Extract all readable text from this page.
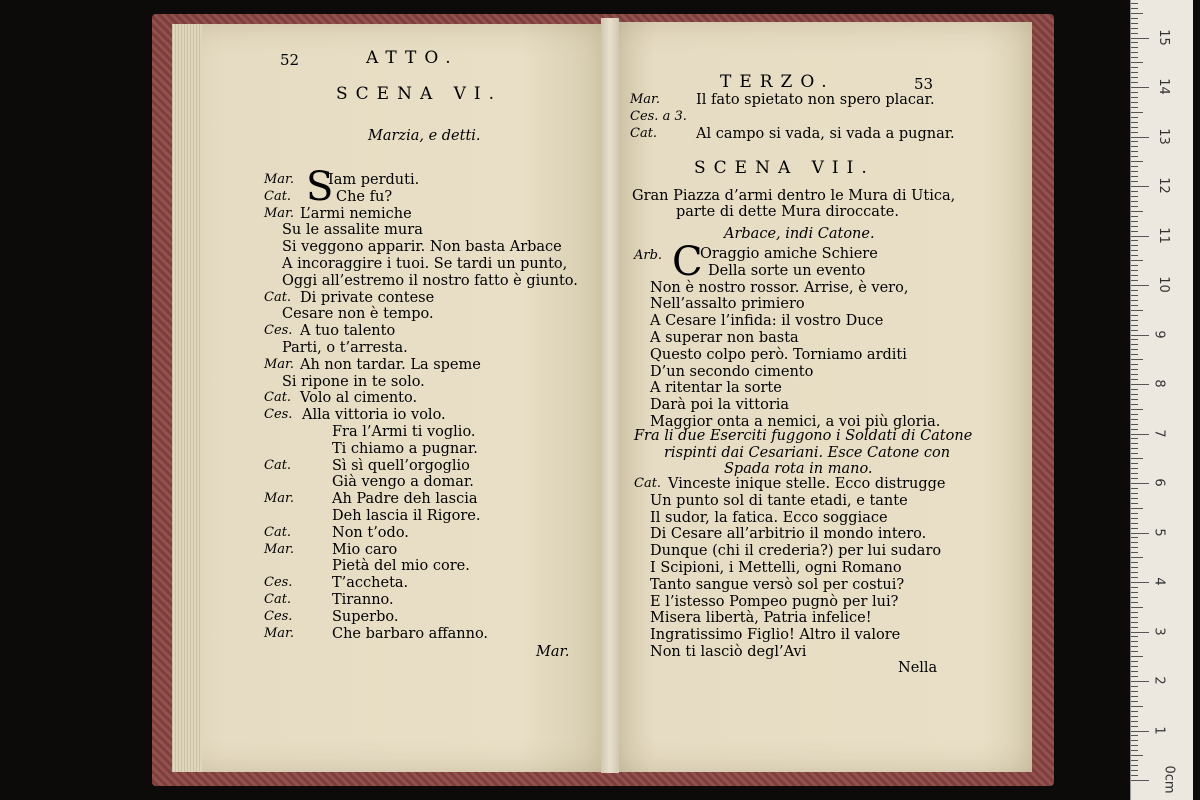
52	ATTO.
SCENA VI.
Marzia, e detti.
S
Mar. Iam perduti.
Cat.	Che fu?
Mar. L’armi nemiche
Su le assalite mura
Si veggono apparir. Non basta Arbace
A incoraggire i tuoi. Se tardi un punto,
Oggi all’estremo il nostro fatto è giunto.
Cat. Di private contese
Cesare non è tempo.
Ces. A tuo talento
Parti, o t’arresta.
Mar. Ah non tardar. La speme
Si ripone in te solo.
Cat. Volo al cimento.
Ces. Alla vittoria io volo.
Fra l’Armi ti voglio.
Ti chiamo a pugnar.
Cat.	Sì sì quell’orgoglio
Già vengo a domar.
Mar.	Ah Padre deh lascia
Deh lascia il Rigore.
Cat.	Non t’odo.
Mar.	Mio caro
Pietà del mio core.
Ces.	T’accheta.
Cat.	Tiranno.
Ces.	Superbo.
Mar.	Che barbaro affanno.
Mar.
TERZO.	53
Mar. Il fato spietato non spero placar.
Ces. a 3.
Cat.	Al campo si vada, si vada a pugnar.
SCENA VII.
Gran Piazza d’armi dentro le Mura di Utica,
parte di dette Mura diroccate.
Arbace, indi Catone.
Arb. C
Oraggio amiche Schiere
Della sorte un evento
Non è nostro rossor. Arrise, è vero,
Nell’assalto primiero
A Cesare l’infida: il vostro Duce
A superar non basta
Questo colpo però. Torniamo arditi
D’un secondo cimento
A ritentar la sorte
Darà poi la vittoria
Maggior onta a nemici, a voi più gloria.
Fra li due Eserciti fuggono i Soldati di Catone
rispinti dai Cesariani. Esce Catone con
Spada rota in mano.
Cat. Vinceste inique stelle. Ecco distrugge
Un punto sol di tante etadi, e tante
Il sudor, la fatica. Ecco soggiace
Di Cesare all’arbitrio il mondo intero.
Dunque (chi il crederia?) per lui sudaro
I Scipioni, i Mettelli, ogni Romano
Tanto sangue versò sol per costui?
E l’istesso Pompeo pugnò per lui?
Misera libertà, Patria infelice!
Ingratissimo Figlio! Altro il valore
Non ti lasciò degl’Avi
Nella
0cm
1
2
3
4
5
6
7
8
9
10
11
12
13
14
15
